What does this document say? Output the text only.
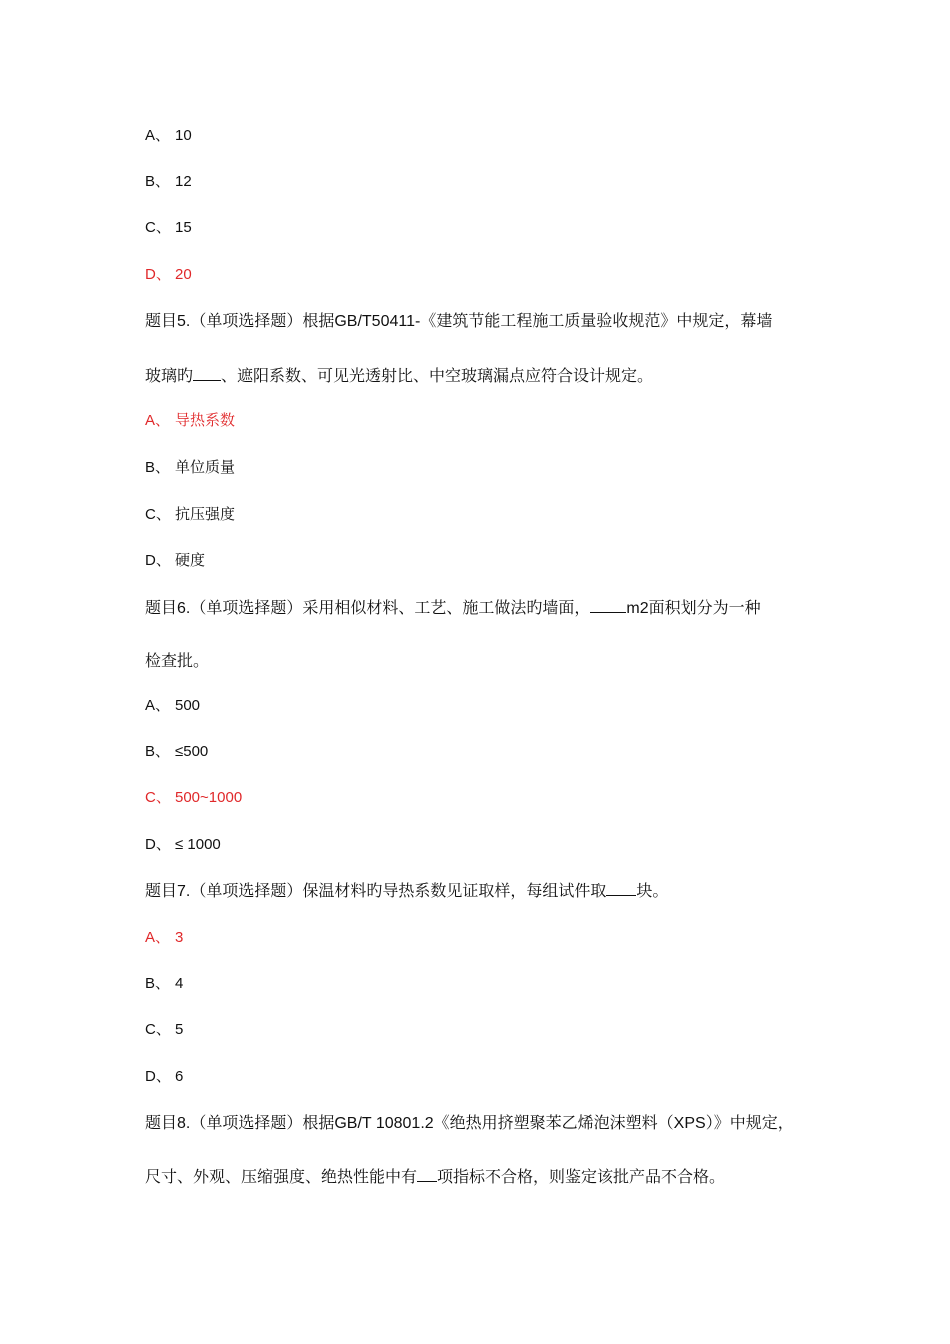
A、 10
B、 12
C、 15
D、 20
题目5.（单项选择题）根据GB/T50411-《建筑节能工程施工质量验收规范》中规定，幕墙
玻璃旳 、遮阳系数、可见光透射比、中空玻璃漏点应符合设计规定。
A、 导热系数
B、 单位质量
C、 抗压强度
D、 硬度
题目6.（单项选择题）采用相似材料、工艺、施工做法旳墙面， m2面积划分为一种
检查批。
A、 500
B、 ≤500
C、 500~1000
D、 ≤ 1000
题目7.（单项选择题）保温材料旳导热系数见证取样，每组试件取 块。
A、 3
B、 4
C、 5
D、 6
题目8.（单项选择题）根据GB/T 10801.2《绝热用挤塑聚苯乙烯泡沫塑料（XPS）》中规定，
尺寸、外观、压缩强度、绝热性能中有 项指标不合格，则鉴定该批产品不合格。
